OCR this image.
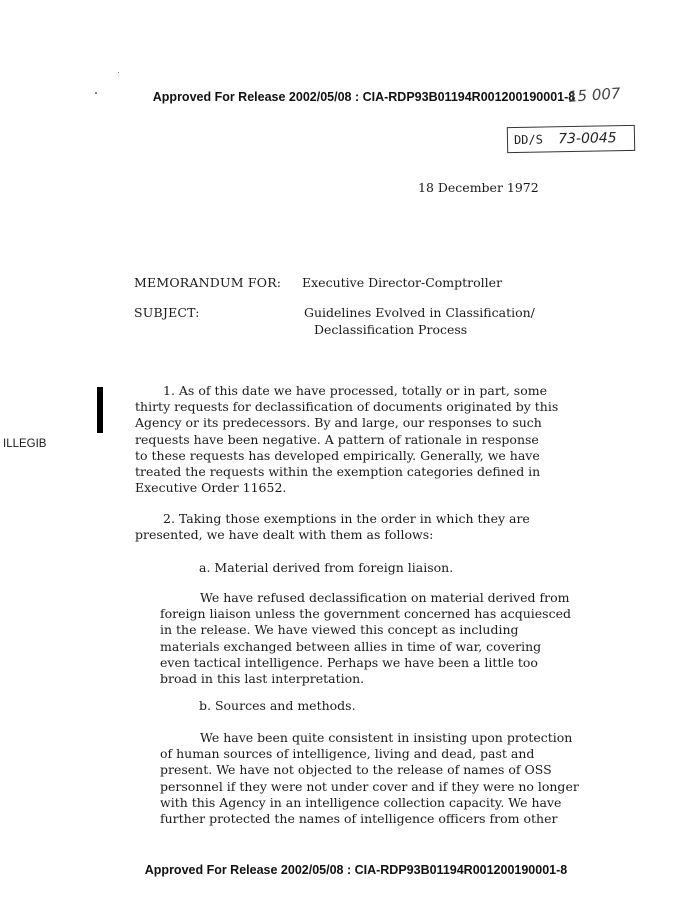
Approved For Release 2002/05/08 : CIA-RDP93B01194R001200190001-8
15 007
DD/S 73-0045
18 December 1972
MEMORANDUM FOR: Executive Director-Comptroller
SUBJECT:	Guidelines Evolved in Classification/
Declassification Process
ILLEGIB
1. As of this date we have processed, totally or in part, some
thirty requests for declassification of documents originated by this
Agency or its predecessors. By and large, our responses to such
requests have been negative. A pattern of rationale in response
to these requests has developed empirically. Generally, we have
treated the requests within the exemption categories defined in
Executive Order 11652.
2. Taking those exemptions in the order in which they are
presented, we have dealt with them as follows:
a. Material derived from foreign liaison.
We have refused declassification on material derived from
foreign liaison unless the government concerned has acquiesced
in the release. We have viewed this concept as including
materials exchanged between allies in time of war, covering
even tactical intelligence. Perhaps we have been a little too
broad in this last interpretation.
b. Sources and methods.
We have been quite consistent in insisting upon protection
of human sources of intelligence, living and dead, past and
present. We have not objected to the release of names of OSS
personnel if they were not under cover and if they were no longer
with this Agency in an intelligence collection capacity. We have
further protected the names of intelligence officers from other
Approved For Release 2002/05/08 : CIA-RDP93B01194R001200190001-8
